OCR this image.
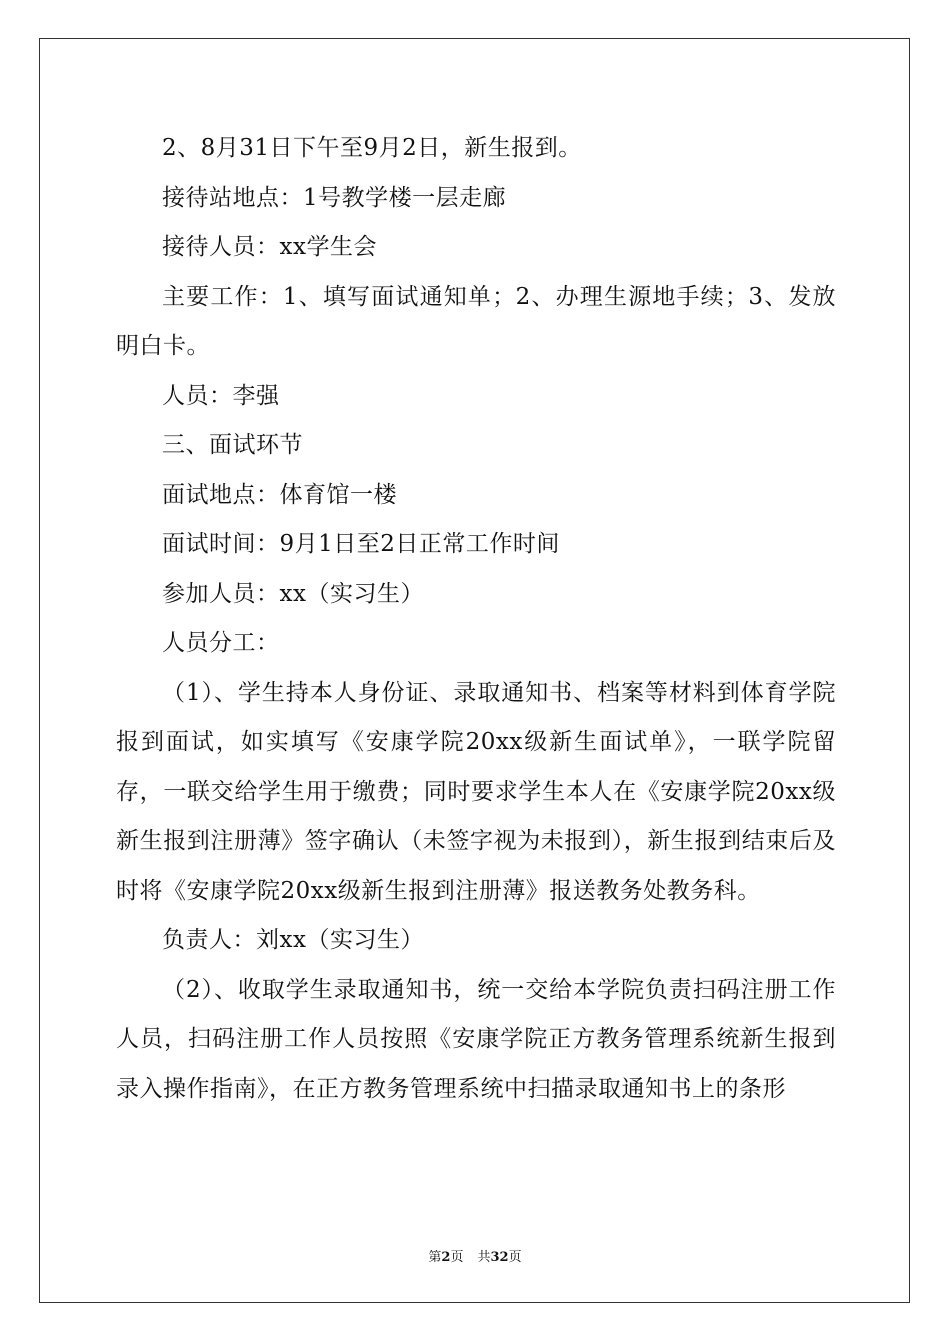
2、8月31日下午至9月2日，新生报到。

接待站地点：1号教学楼一层走廊

接待人员：xx学生会

主要工作：1、填写面试通知单；2、办理生源地手续；3、发放明白卡。

人员：李强

三、面试环节

面试地点：体育馆一楼

面试时间：9月1日至2日正常工作时间

参加人员：xx（实习生）

人员分工：

（1）、学生持本人身份证、录取通知书、档案等材料到体育学院报到面试，如实填写《安康学院20xx级新生面试单》，一联学院留存，一联交给学生用于缴费；同时要求学生本人在《安康学院20xx级新生报到注册薄》签字确认（未签字视为未报到），新生报到结束后及时将《安康学院20xx级新生报到注册薄》报送教务处教务科。

负责人：刘xx（实习生）

（2）、收取学生录取通知书，统一交给本学院负责扫码注册工作人员，扫码注册工作人员按照《安康学院正方教务管理系统新生报到录入操作指南》，在正方教务管理系统中扫描录取通知书上的条形

第2页 共32页
